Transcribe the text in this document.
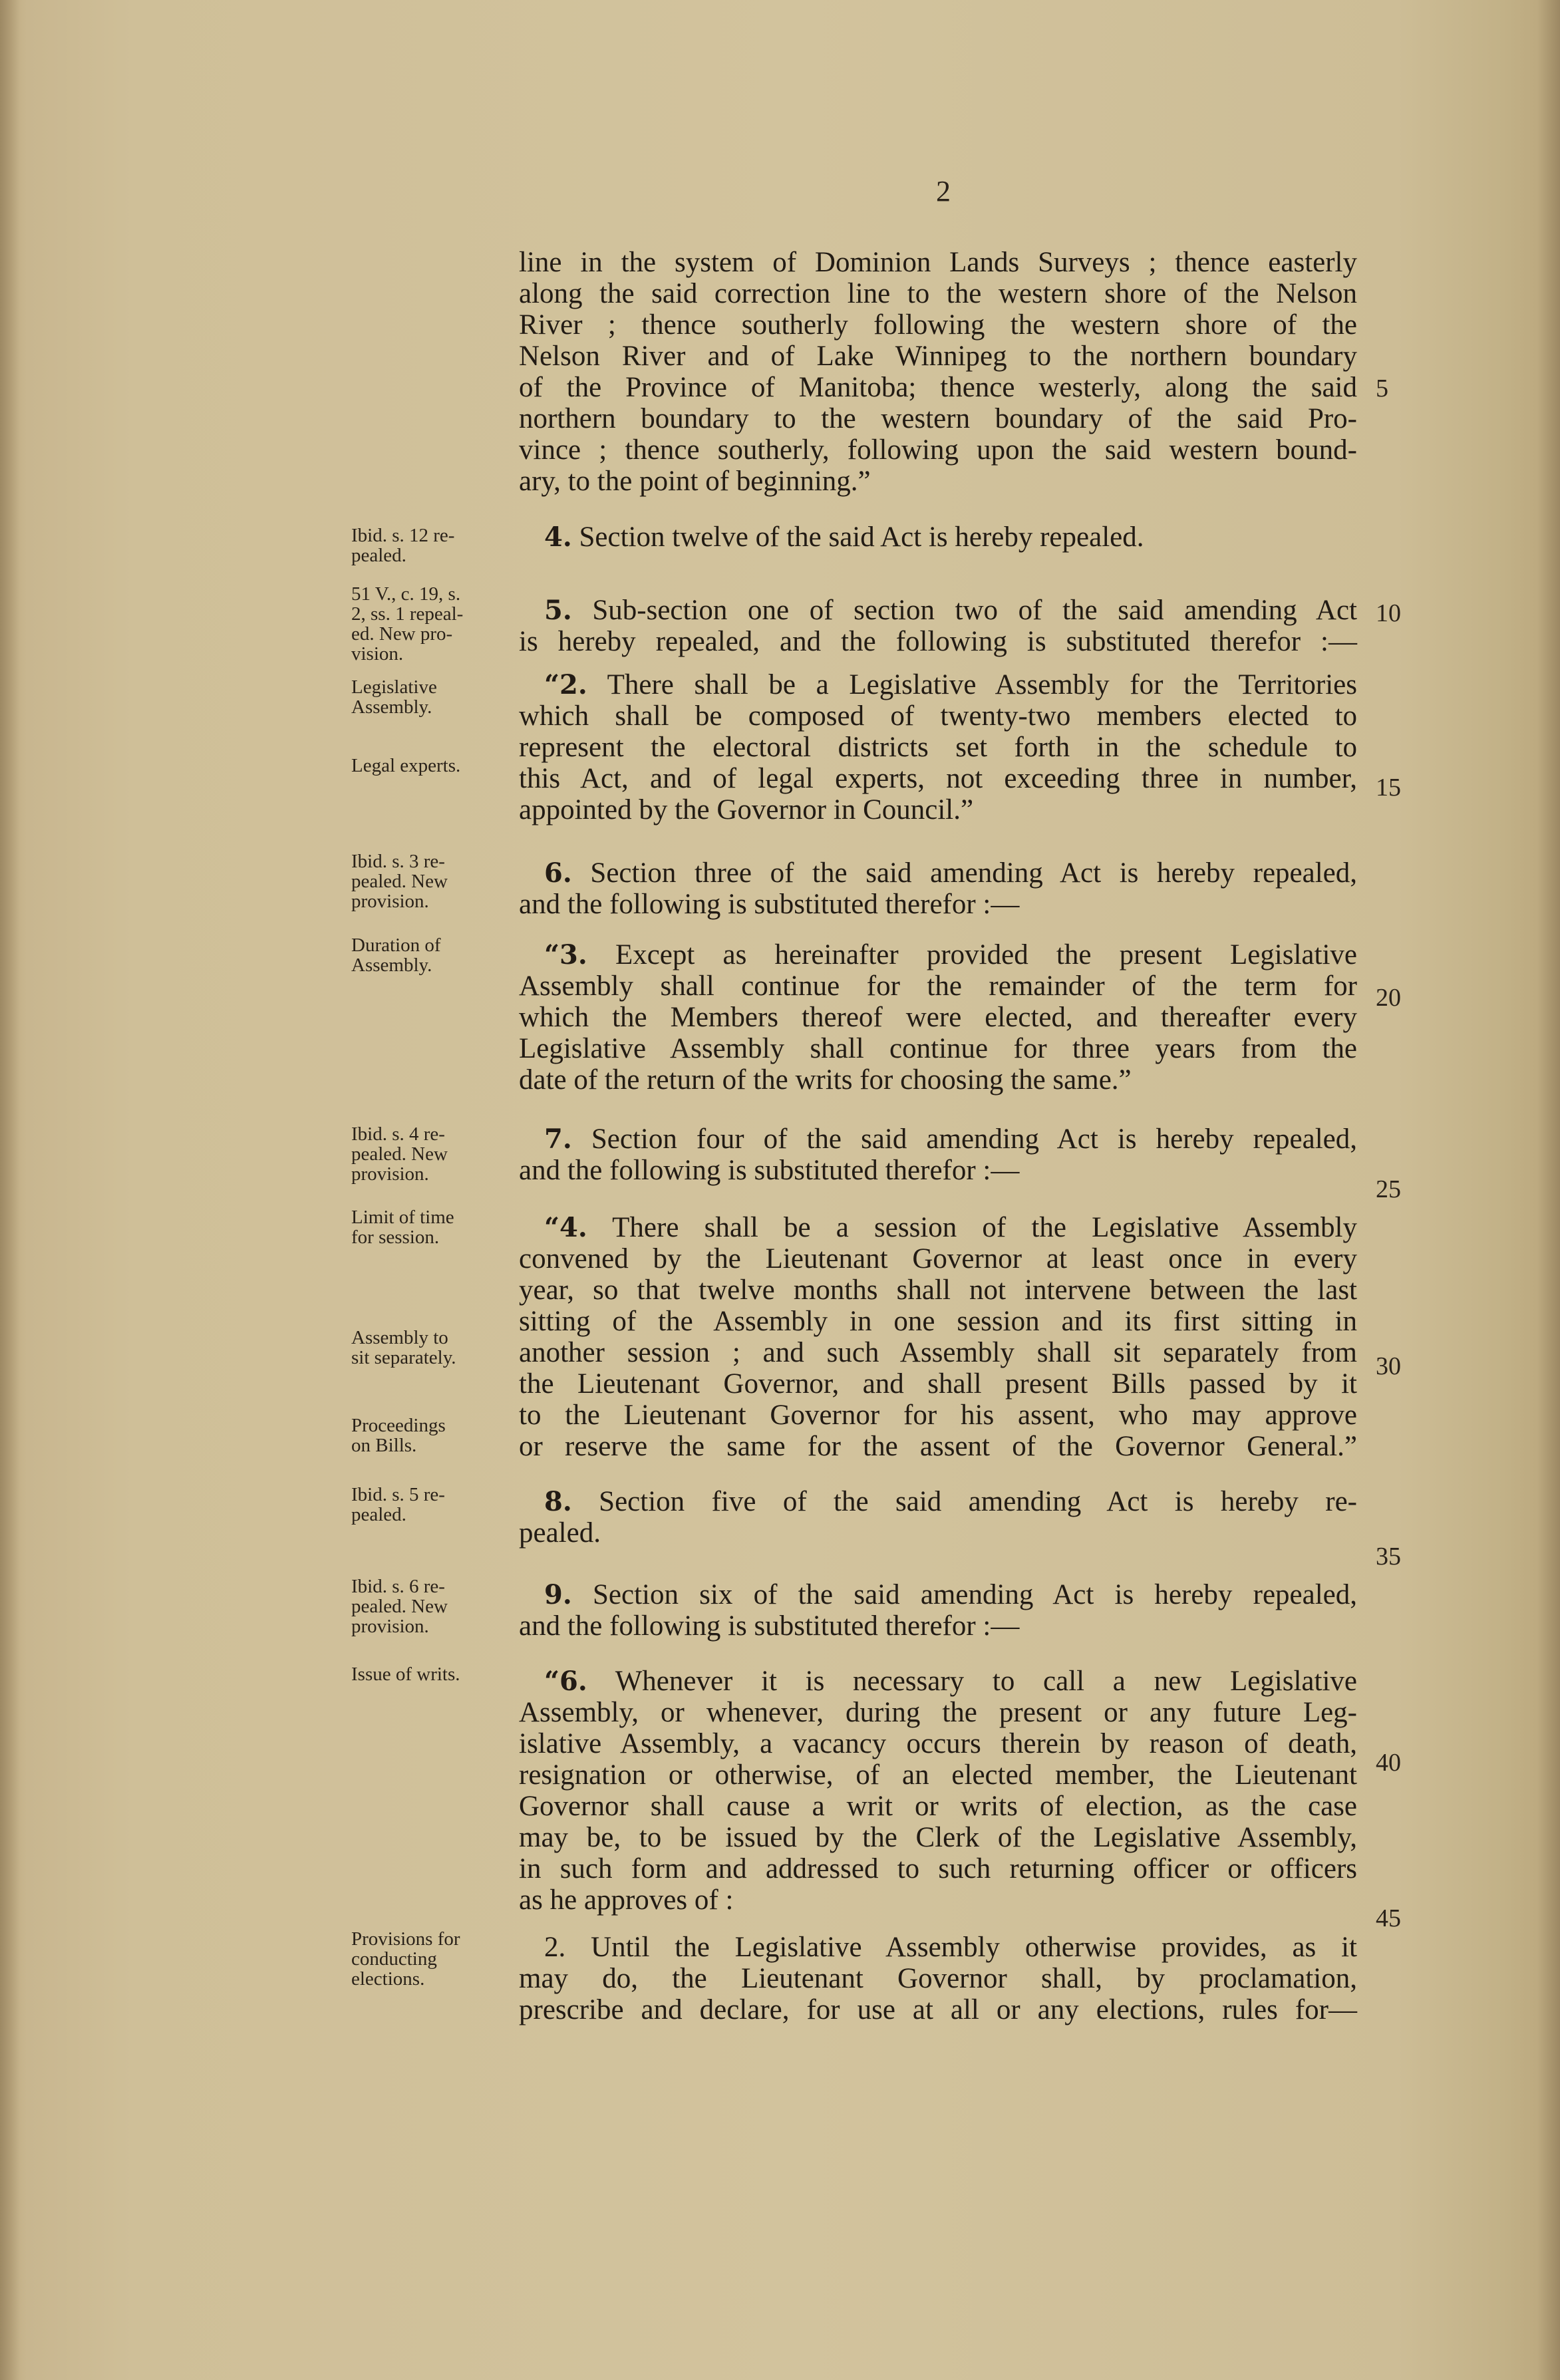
2
line in the system of Dominion Lands Surveys ; thence easterly
along the said correction line to the western shore of the Nelson
River ; thence southerly following the western shore of the
Nelson River and of Lake Winnipeg to the northern boundary
of the Province of Manitoba; thence westerly, along the said
northern boundary to the western boundary of the said Pro-
vince ; thence southerly, following upon the said western bound-
ary, to the point of beginning.”
4. Section twelve of the said Act is hereby repealed.
5. Sub-section one of section two of the said amending Act
is hereby repealed, and the following is substituted therefor :—
“2. There shall be a Legislative Assembly for the Territories
which shall be composed of twenty-two members elected to
represent the electoral districts set forth in the schedule to
this Act, and of legal experts, not exceeding three in number,
appointed by the Governor in Council.”
6. Section three of the said amending Act is hereby repealed,
and the following is substituted therefor :—
“3. Except as hereinafter provided the present Legislative
Assembly shall continue for the remainder of the term for
which the Members thereof were elected, and thereafter every
Legislative Assembly shall continue for three years from the
date of the return of the writs for choosing the same.”
7. Section four of the said amending Act is hereby repealed,
and the following is substituted therefor :—
“4. There shall be a session of the Legislative Assembly
convened by the Lieutenant Governor at least once in every
year, so that twelve months shall not intervene between the last
sitting of the Assembly in one session and its first sitting in
another session ; and such Assembly shall sit separately from
the Lieutenant Governor, and shall present Bills passed by it
to the Lieutenant Governor for his assent, who may approve
or reserve the same for the assent of the Governor General.”
8. Section five of the said amending Act is hereby re-
pealed.
9. Section six of the said amending Act is hereby repealed,
and the following is substituted therefor :—
“6. Whenever it is necessary to call a new Legislative
Assembly, or whenever, during the present or any future Leg-
islative Assembly, a vacancy occurs therein by reason of death,
resignation or otherwise, of an elected member, the Lieutenant
Governor shall cause a writ or writs of election, as the case
may be, to be issued by the Clerk of the Legislative Assembly,
in such form and addressed to such returning officer or officers
as he approves of :
2. Until the Legislative Assembly otherwise provides, as it
may do, the Lieutenant Governor shall, by proclamation,
prescribe and declare, for use at all or any elections, rules for—
Ibid. s. 12 re-
pealed.
51 V., c. 19, s.
2, ss. 1 repeal-
ed. New pro-
vision.
Legislative
Assembly.
Legal experts.
Ibid. s. 3 re-
pealed. New
provision.
Duration of
Assembly.
Ibid. s. 4 re-
pealed. New
provision.
Limit of time
for session.
Assembly to
sit separately.
Proceedings
on Bills.
Ibid. s. 5 re-
pealed.
Ibid. s. 6 re-
pealed. New
provision.
Issue of writs.
Provisions for
conducting
elections.
5
10
15
20
25
30
35
40
45
